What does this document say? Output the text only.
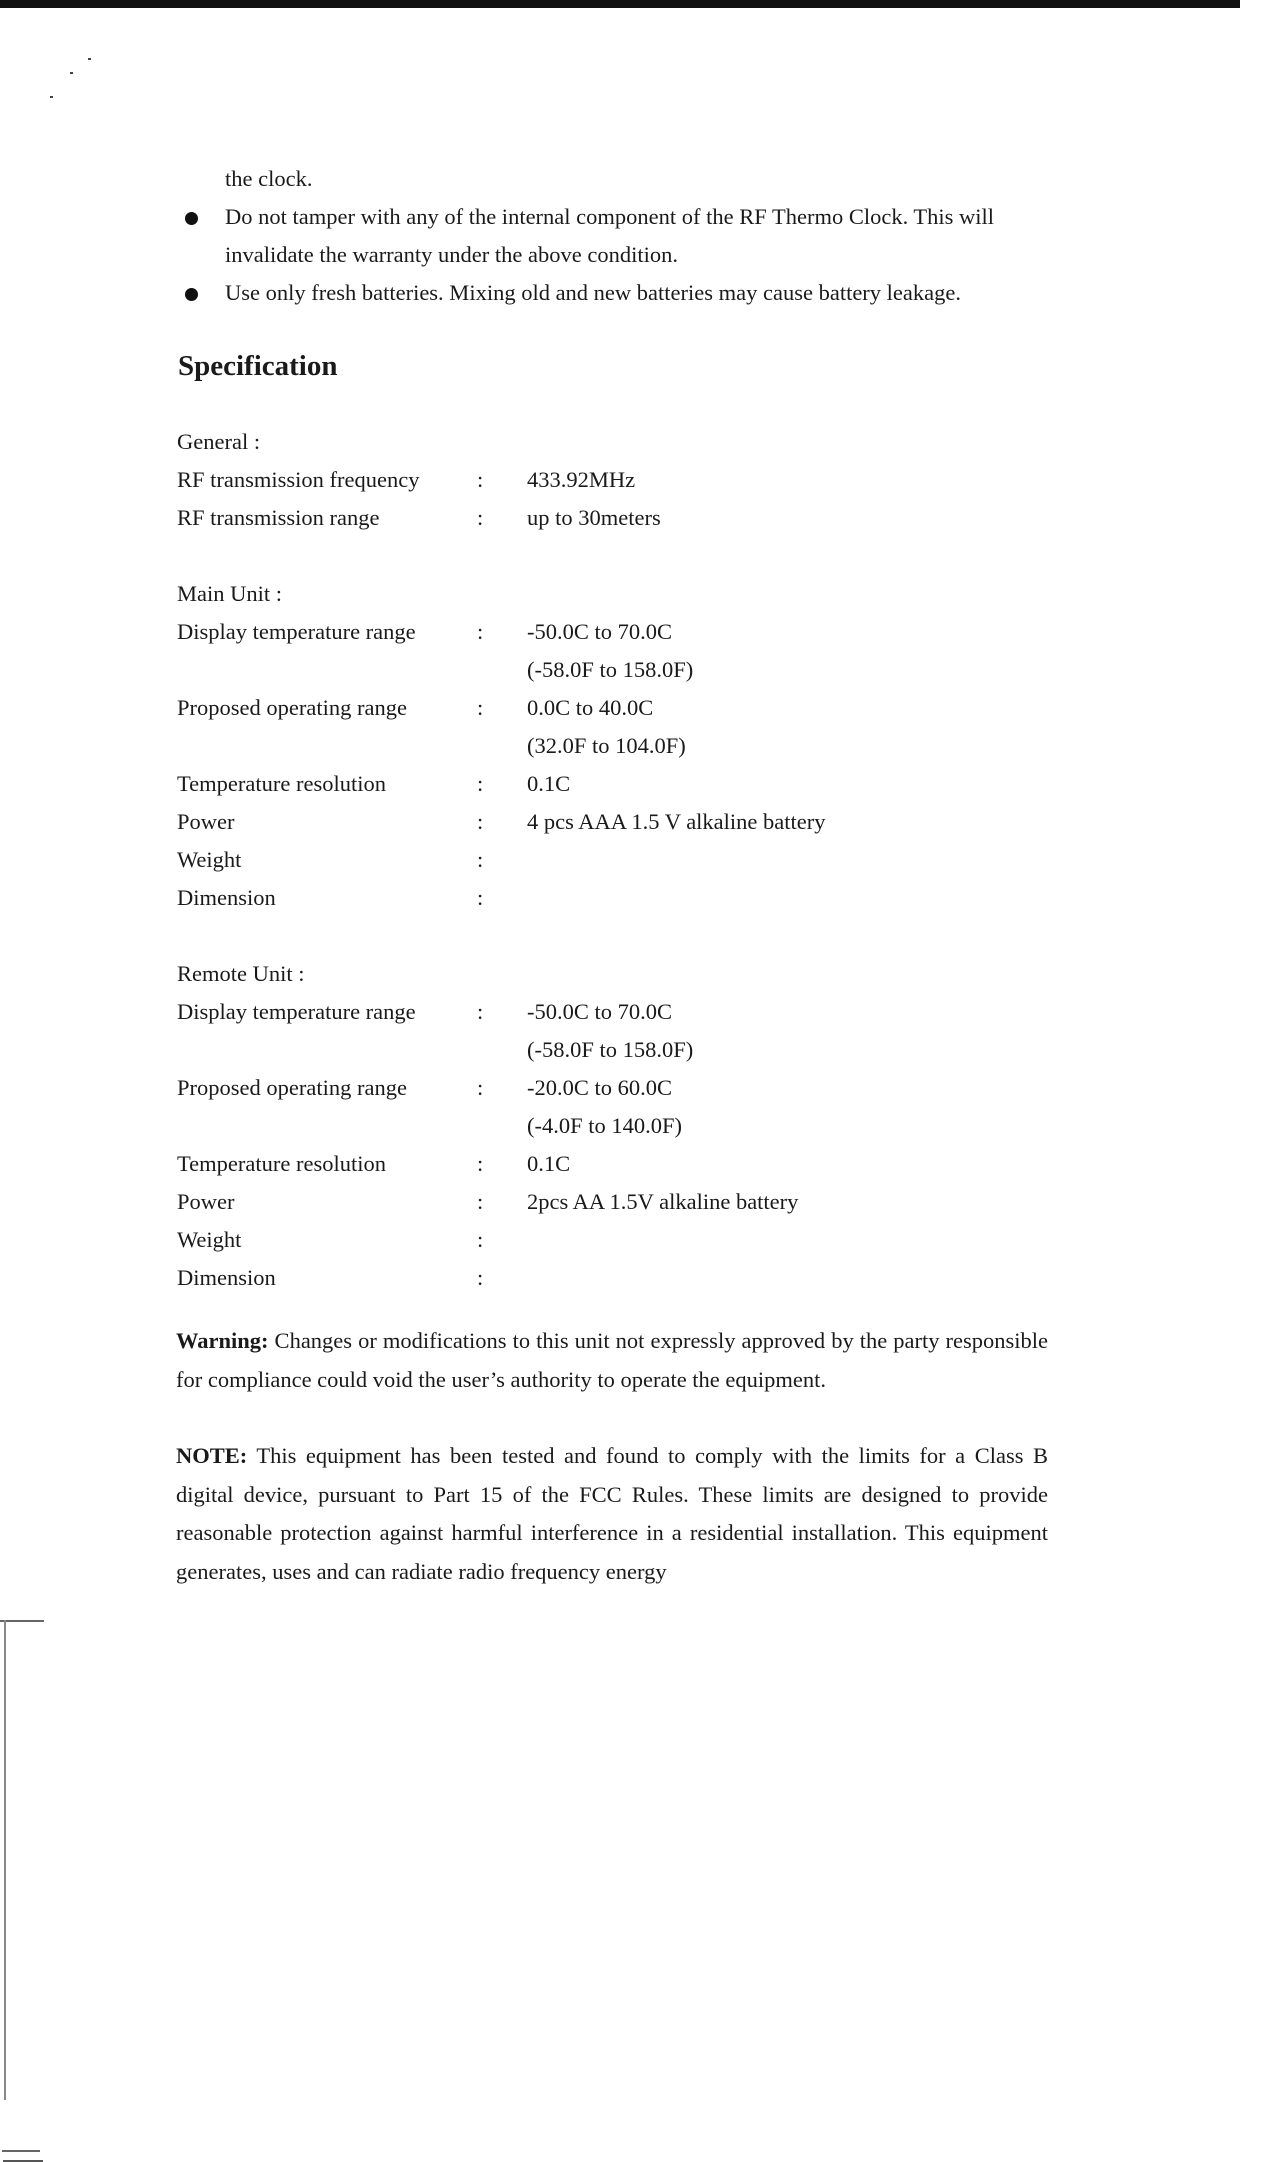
the clock.
Do not tamper with any of the internal component of the RF Thermo Clock. This will invalidate the warranty under the above condition.
Use only fresh batteries. Mixing old and new batteries may cause battery leakage.
Specification
General :
RF transmission frequency	:	433.92MHz
RF transmission range	:	up to 30meters
Main Unit :
Display temperature range	:	-50.0C to 70.0C
(-58.0F to 158.0F)
Proposed operating range	:	0.0C to 40.0C
(32.0F to 104.0F)
Temperature resolution	:	0.1C
Power	:	4 pcs AAA 1.5 V alkaline battery
Weight	:
Dimension	:
Remote Unit :
Display temperature range	:	-50.0C to 70.0C
(-58.0F to 158.0F)
Proposed operating range	:	-20.0C to 60.0C
(-4.0F to 140.0F)
Temperature resolution	:	0.1C
Power	:	2pcs AA 1.5V alkaline battery
Weight	:
Dimension	:
Warning: Changes or modifications to this unit not expressly approved by the party responsible for compliance could void the user’s authority to operate the equipment.
NOTE: This equipment has been tested and found to comply with the limits for a Class B digital device, pursuant to Part 15 of the FCC Rules. These limits are designed to provide reasonable protection against harmful interference in a residential installation. This equipment generates, uses and can radiate radio frequency energy
